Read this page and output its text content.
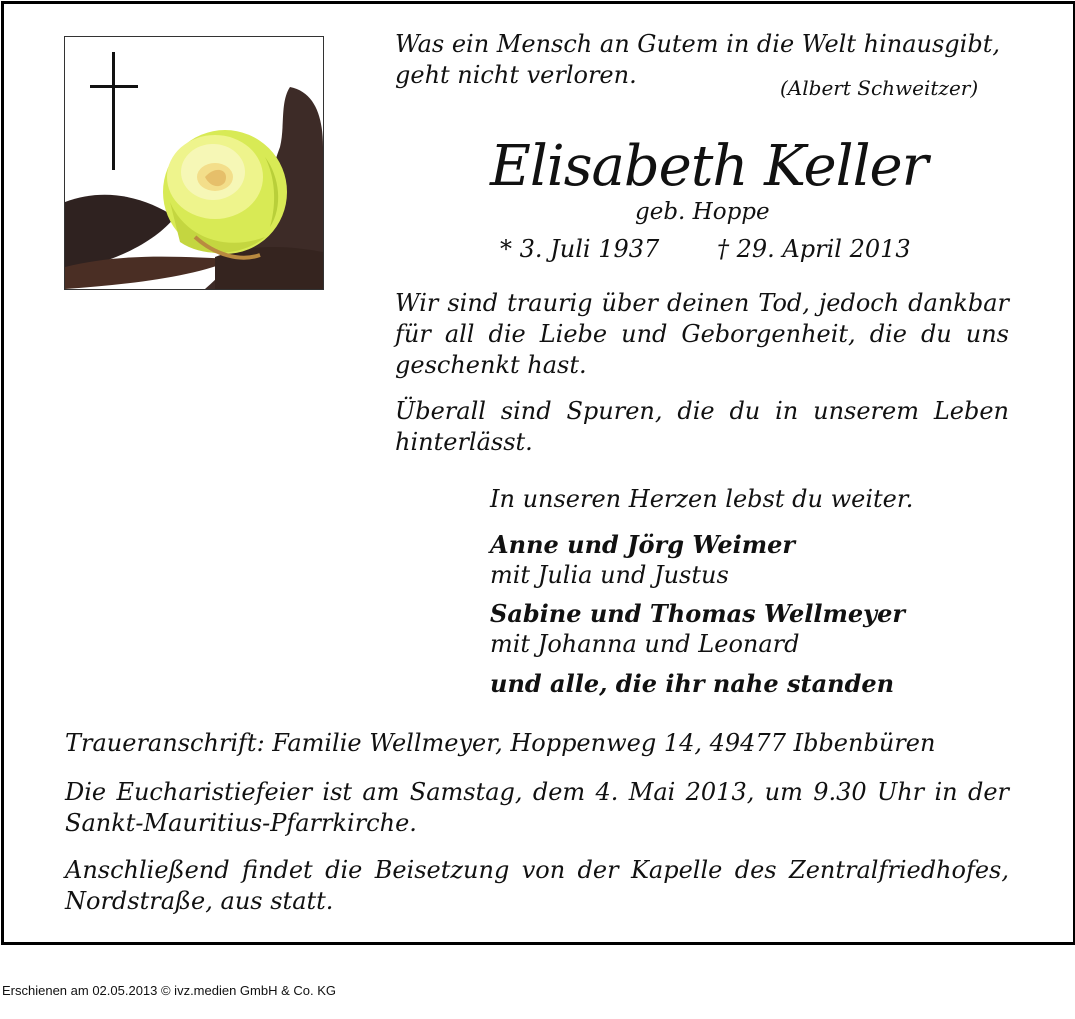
Was ein Mensch an Gutem in die Welt hinausgibt,

geht nicht verloren.	(Albert Schweitzer)

Elisabeth Keller

geb. Hoppe

* 3. Juli 1937 † 29. April 2013

Wir sind traurig über deinen Tod, jedoch dankbar für all die Liebe und Geborgenheit, die du uns geschenkt hast.

Überall sind Spuren, die du in unserem Leben hinterlässt.

In unseren Herzen lebst du weiter.

Anne und Jörg Weimer

mit Julia und Justus

Sabine und Thomas Wellmeyer

mit Johanna und Leonard

und alle, die ihr nahe standen

Traueranschrift: Familie Wellmeyer, Hoppenweg 14, 49477 Ibbenbüren

Die Eucharistiefeier ist am Samstag, dem 4. Mai 2013, um 9.30 Uhr in der Sankt-Mauritius-Pfarrkirche.

Anschließend findet die Beisetzung von der Kapelle des Zentralfriedhofes, Nordstraße, aus statt.

Erschienen am 02.05.2013 © ivz.medien GmbH & Co. KG
